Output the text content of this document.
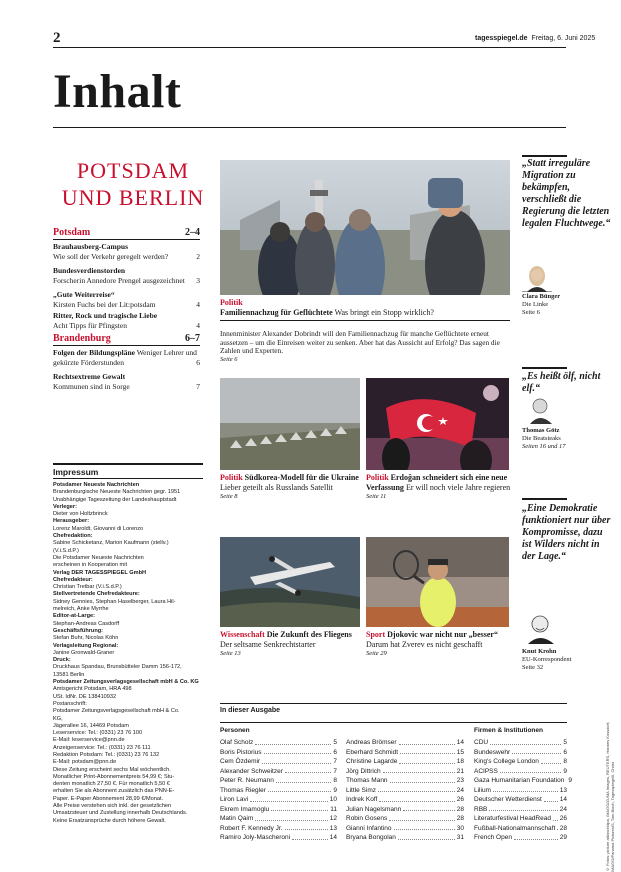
2	tagesspiegel.de Freitag, 6. Juni 2025
Inhalt
POTSDAM
UND BERLIN
Potsdam	2–4
Brauhausberg-Campus
Wie soll der Verkehr geregelt werden?	2
Bundesverdienstorden
Forscherin Annedore Prengel ausgezeichnet	3
„Gute Weiterreise“
Kirsten Fuchs bei der Lit:potsdam	4
Ritter, Rock und tragische Liebe
Acht Tipps für Pfingsten	4
Brandenburg	6–7
Folgen der Bildungspläne Weniger Lehrer und gekürzte Förderstunden	6
Rechtsextreme Gewalt
Kommunen sind in Sorge	7
Impressum
Potsdamer Neueste Nachrichten
Brandenburgische Neueste Nachrichten gegr. 1951
Unabhängige Tageszeitung der Landeshauptstadt
Verleger:
Dieter von Holtzbrinck
Herausgeber:
Lorenz Maroldt, Giovanni di Lorenzo
Chefredaktion:
Sabine Schicketanz, Marion Kaufmann (stellv.)
(V.i.S.d.P.)
Die Potsdamer Neueste Nachrichten
erscheinen in Kooperation mit
Verlag DER TAGESSPIEGEL GmbH
Chefredakteur:
Christian Tretbar (V.i.S.d.P.)
Stellvertretende Chefredakteure:
Sidney Gennies, Stephan Haselberger, Laura Hil-
melreich, Anke Myrrhe
Editor-at-Large:
Stephan-Andreas Casdorff
Geschäftsführung:
Stefan Buhr, Nicolas Köhn
Verlagsleitung Regional:
Janine Gronwald-Graner
Druck:
Druckhaus Spandau, Brunsbütteler Damm 156-172,
13581 Berlin
Potsdamer Zeitungsverlagsgesellschaft mbH & Co. KG
Amtsgericht Potsdam, HRA 498
USt. IdNr. DE 138410932
Postanschrift:
Potsdamer Zeitungsverlagsgesellschaft mbH & Co.
KG,
Jägerallee 16, 14469 Potsdam
Leserservice: Tel.: (0331) 23 76 100
E-Mail: leserservice@pnn.de
Anzeigenservice: Tel.: (0331) 23 76 111
Redaktion Potsdam: Tel.: (0331) 23 76 132
E-Mail: potsdam@pnn.de
Diese Zeitung erscheint sechs Mal wöchentlich.
Monatlicher Print-Abonnementpreis 54,99 €; Stu-
denten monatlich 27,50 €. Für monatlich 5,50 €
erhalten Sie als Abonnent zusätzlich das PNN-E-
Paper. E-Paper Abonnement 28,99 €/Monat.
Alle Preise verstehen sich inkl. der gesetzlichen
Umsatzsteuer und Zustellung innerhalb Deutschlands.
Keine Ersatzansprüche durch höhere Gewalt.
Politik
Familiennachzug für Geflüchtete Was bringt ein Stopp wirklich?
Innenminister Alexander Dobrindt will den Familiennachzug für manche Geflüchtete erneut aussetzen – um die Einreisen weiter zu senken. Aber hat das Aussicht auf Erfolg? Das sagen die Zahlen und Experten.
Seite 6
Politik Südkorea-Modell für die Ukraine Lieber geteilt als Russlands Satellit
Seite 8
Politik Erdoğan schneidert sich eine neue Verfassung Er will noch viele Jahre regieren
Seite 11
Wissenschaft Die Zukunft des Fliegens Der seltsame Senkrechtstarter
Seite 13
Sport Djokovic war nicht nur „besser“ Darum hat Zverev es nicht geschafft
Seite 29
„Statt irreguläre Migration zu bekämpfen, verschließt die Regierung die letzten legalen Fluchtwege.“
Clara Bünger
Die Linke
Seite 6
„Es heißt ölf, nicht elf.“
Thomas Götz
Die Beatsteaks
Seiten 16 und 17
„Eine Demokratie funktioniert nur über Kompromisse, dazu ist Wilders nicht in der Lage.“
Knut Krohn
EU-Korrespondent
Seite 32
In dieser Ausgabe
Personen	Firmen & Institutionen
Olaf Scholz	5
Boris Pistorius	6
Cem Özdemir	7
Alexander Schweitzer	7
Peter R. Neumann	8
Thomas Riegler	9
Liron Lavi	10
Ekrem Imamoglu	11
Matin Qaim	12
Robert F. Kennedy Jr.	13
Ramiro Joly-Mascheroni	14
Andreas Brömser	14
Eberhard Schmidt	15
Christine Lagarde	18
Jörg Dittrich	21
Thomas Mann	23
Little Simz	24
Indrek Koff	26
Julian Nagelsmann	28
Robin Gosens	28
Gianni Infantino	30
Bryana Bongolan	31
CDU	5
Bundeswehr	6
King's College London	8
ACIPSS	9
Gaza Humanitarian Foundation 9
Lilium	13
Deutscher Wetterdienst	14
RBB	24
Literaturfestival HeadRead 26
Fußball-Nationalmannschaft 28
French Open	29	© Fotos: picture alliance/dpa, IMAGO/ZUMA Images, REUTERS, Hannes Kossdorf, IMAGO/Panama Pictures/S, Tom Bloch, Tagesspiegel/I. Christ
